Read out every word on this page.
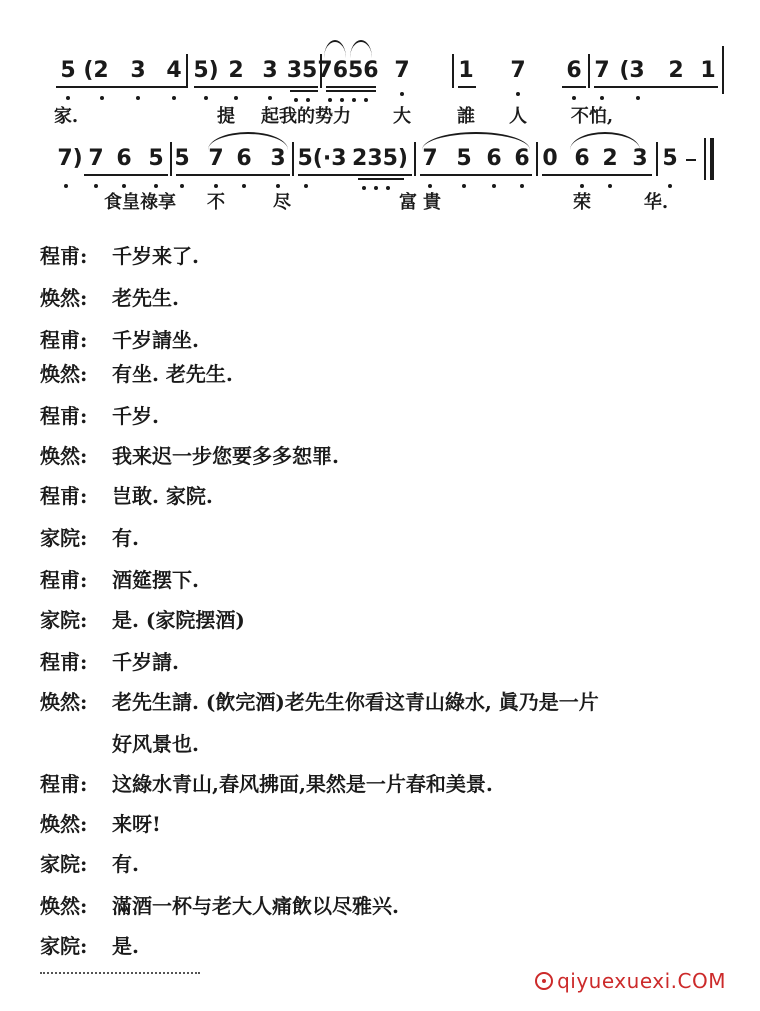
5 (2 3 4 5) 2 3 35 7656 7 1 7 6 7 (3 2 1
家.	提 起我的势力 大	誰 人 不怕,
7) 7 6 5 5 7 6 3 5(·3 235) 7 5 6 6 0 6 2 3 5
食皇祿享 不	尽	富 貴	荣	华.
程甫: 千岁来了.
焕然: 老先生.
程甫: 千岁請坐.
焕然: 有坐. 老先生.
程甫: 千岁.
焕然: 我来迟一步您要多多恕罪.
程甫: 岂敢. 家院.
家院: 有.
程甫: 酒筵摆下.
家院: 是. (家院摆酒)
程甫: 千岁請.
焕然: 老先生請. (飲完酒)老先生你看这青山綠水, 眞乃是一片
好风景也.
程甫: 这綠水青山,春风拂面,果然是一片春和美景.
焕然: 来呀!
家院: 有.
焕然: 滿酒一杯与老大人痛飲以尽雅兴.
家院: 是.
qiyuexuexi.COM
